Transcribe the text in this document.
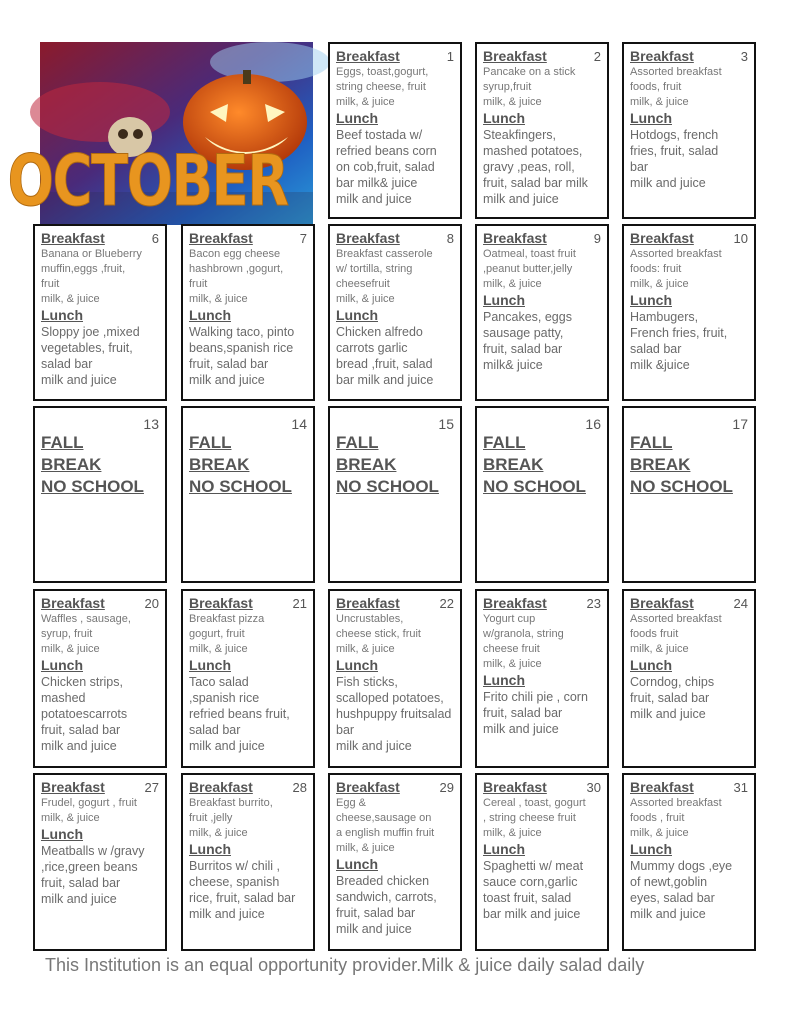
OCTOBER
Breakfast	1
Eggs, toast,gogurt,
string cheese, fruit
milk, & juice
Lunch
Beef tostada w/
refried beans corn
on cob,fruit, salad
bar milk& juice
milk and juice
Breakfast	2
Pancake on a stick
syrup,fruit
milk, & juice
Lunch
Steakfingers,
mashed potatoes,
gravy ,peas, roll,
fruit, salad bar milk
milk and juice
Breakfast	3
Assorted breakfast
foods, fruit
milk, & juice
Lunch
Hotdogs, french
fries, fruit, salad
bar
milk and juice
Breakfast	6
Banana or Blueberry
muffin,eggs ,fruit,
fruit
milk, & juice
Lunch
Sloppy joe ,mixed
vegetables, fruit,
salad bar
milk and juice
Breakfast	7
Bacon egg cheese
hashbrown ,gogurt,
fruit
milk, & juice
Lunch
Walking taco, pinto
beans,spanish rice
fruit, salad bar
milk and juice
Breakfast	8
Breakfast casserole
w/ tortilla, string
cheesefruit
milk, & juice
Lunch
Chicken alfredo
carrots garlic
bread ,fruit, salad
bar milk and juice
Breakfast	9
Oatmeal, toast fruit
,peanut butter,jelly
milk, & juice
Lunch
Pancakes, eggs
sausage patty,
fruit, salad bar
milk& juice
Breakfast	10
Assorted breakfast
foods: fruit
milk, & juice
Lunch
Hambugers,
French fries, fruit,
salad bar
milk &juice
13
FALL
BREAK
NO SCHOOL
14
FALL
BREAK
NO SCHOOL
15
FALL
BREAK
NO SCHOOL
16
FALL
BREAK
NO SCHOOL
17
FALL
BREAK
NO SCHOOL
Breakfast	20
Waffles , sausage,
syrup, fruit
milk, & juice
Lunch
Chicken strips,
mashed
potatoescarrots
fruit, salad bar
milk and juice
Breakfast	21
Breakfast pizza
gogurt, fruit
milk, & juice
Lunch
Taco salad
,spanish rice
refried beans fruit,
salad bar
milk and juice
Breakfast	22
Uncrustables,
cheese stick, fruit
milk, & juice
Lunch
Fish sticks,
scalloped potatoes,
hushpuppy fruitsalad
bar
milk and juice
Breakfast	23
Yogurt cup
w/granola, string
cheese fruit
milk, & juice
Lunch
Frito chili pie , corn
fruit, salad bar
milk and juice
Breakfast	24
Assorted breakfast
foods fruit
milk, & juice
Lunch
Corndog, chips
fruit, salad bar
milk and juice
Breakfast	27
Frudel, gogurt , fruit
milk, & juice
Lunch
Meatballs w /gravy
,rice,green beans
fruit, salad bar
milk and juice
Breakfast	28
Breakfast burrito,
fruit ,jelly
milk, & juice
Lunch
Burritos w/ chili ,
cheese, spanish
rice, fruit, salad bar
milk and juice
Breakfast	29
Egg &
cheese,sausage on
a english muffin fruit
milk, & juice
Lunch
Breaded chicken
sandwich, carrots,
fruit, salad bar
milk and juice
Breakfast	30
Cereal , toast, gogurt
, string cheese fruit
milk, & juice
Lunch
Spaghetti w/ meat
sauce corn,garlic
toast fruit, salad
bar milk and juice
Breakfast	31
Assorted breakfast
foods , fruit
milk, & juice
Lunch
Mummy dogs ,eye
of newt,goblin
eyes, salad bar
milk and juice
This Institution is an equal opportunity provider.Milk & juice daily salad daily
